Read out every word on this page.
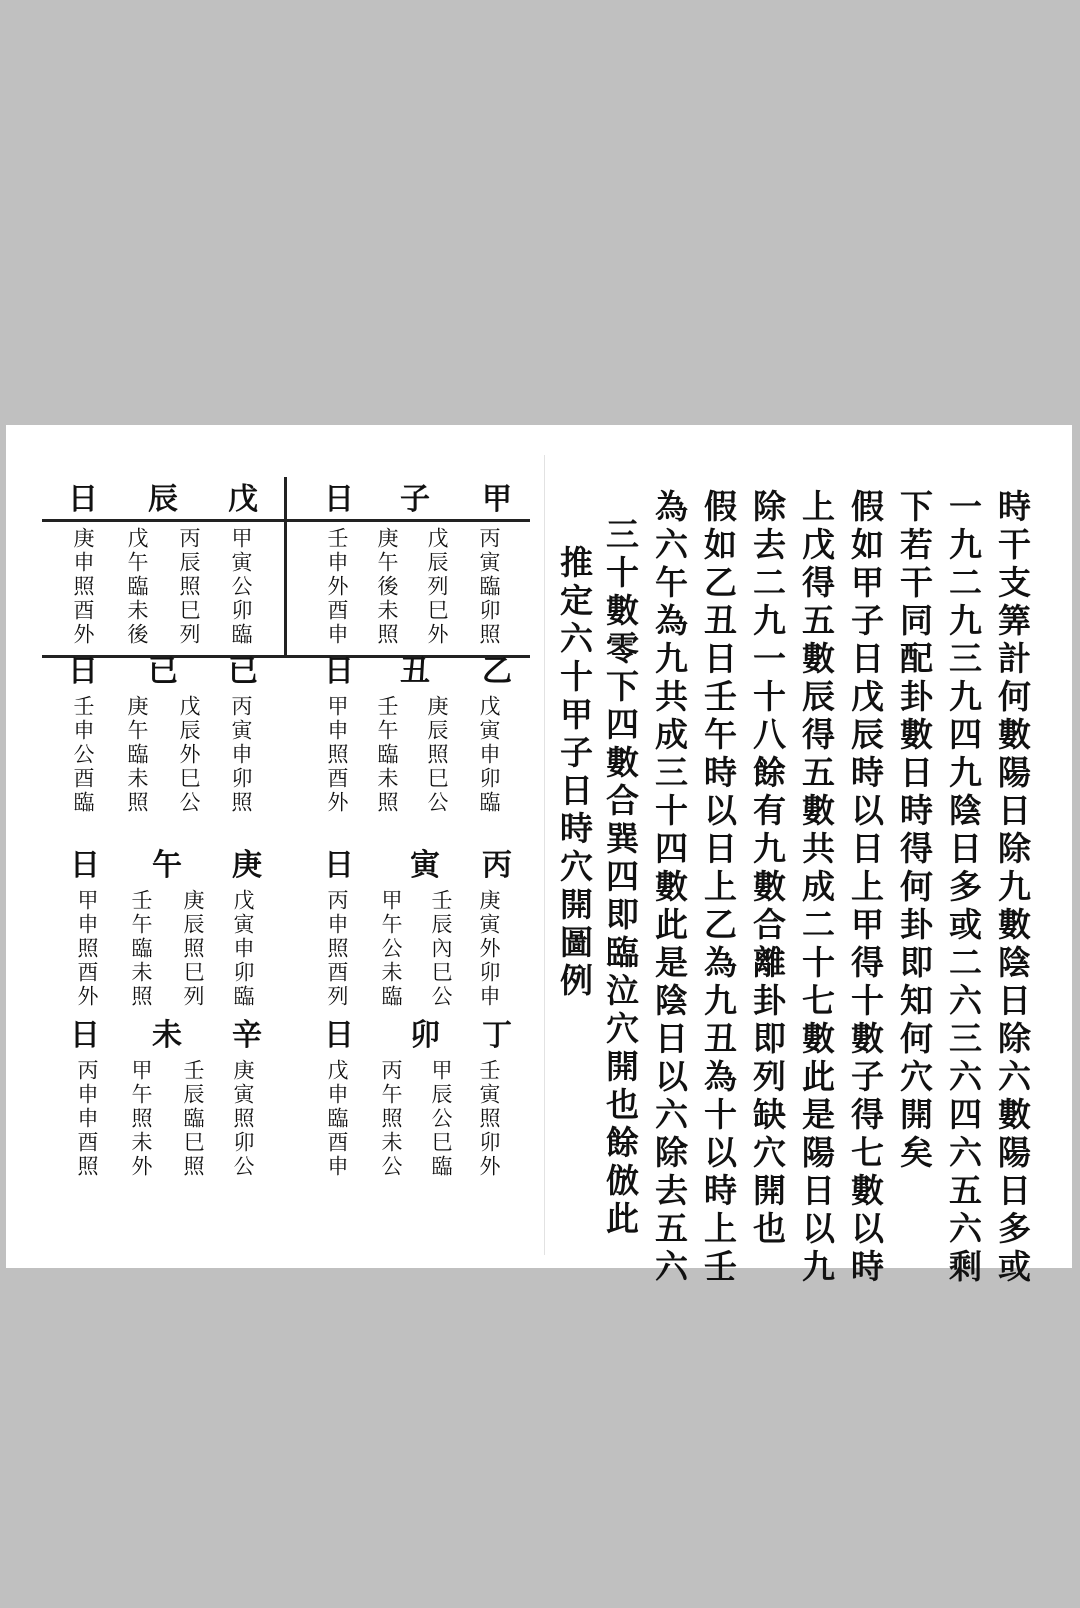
時干支筭計何數陽日除九數陰日除六數陽日多或
一九二九三九四九陰日多或二六三六四六五六剩
下若干同配卦數日時得何卦即知何穴開矣
假如甲子日戊辰時以日上甲得十數子得七數以時
上戊得五數辰得五數共成二十七數此是陽日以九
除去二九一十八餘有九數合離卦即列缺穴開也
假如乙丑日壬午時以日上乙為九丑為十以時上壬
為六午為九共成三十四數此是陰日以六除去五六
三十數零下四數合巽四即臨泣穴開也餘倣此
推定六十甲子日時穴開圖例
甲
子
日
丙寅臨卯照
戊辰列巳外
庚午後未照
壬申外酉申
戊
辰
日
甲寅公卯臨
丙辰照巳列
戊午臨未後
庚申照酉外
乙
丑
日
戊寅申卯臨
庚辰照巳公
壬午臨未照
甲申照酉外
已
已
日
丙寅申卯照
戊辰外巳公
庚午臨未照
壬申公酉臨
丙
寅
日
庚寅外卯申
壬辰內巳公
甲午公未臨
丙申照酉列
庚
午
日
戊寅申卯臨
庚辰照巳列
壬午臨未照
甲申照酉外
丁
卯
日
壬寅照卯外
甲辰公巳臨
丙午照未公
戊申臨酉申
辛
未
日
庚寅照卯公
壬辰臨巳照
甲午照未外
丙申申酉照
